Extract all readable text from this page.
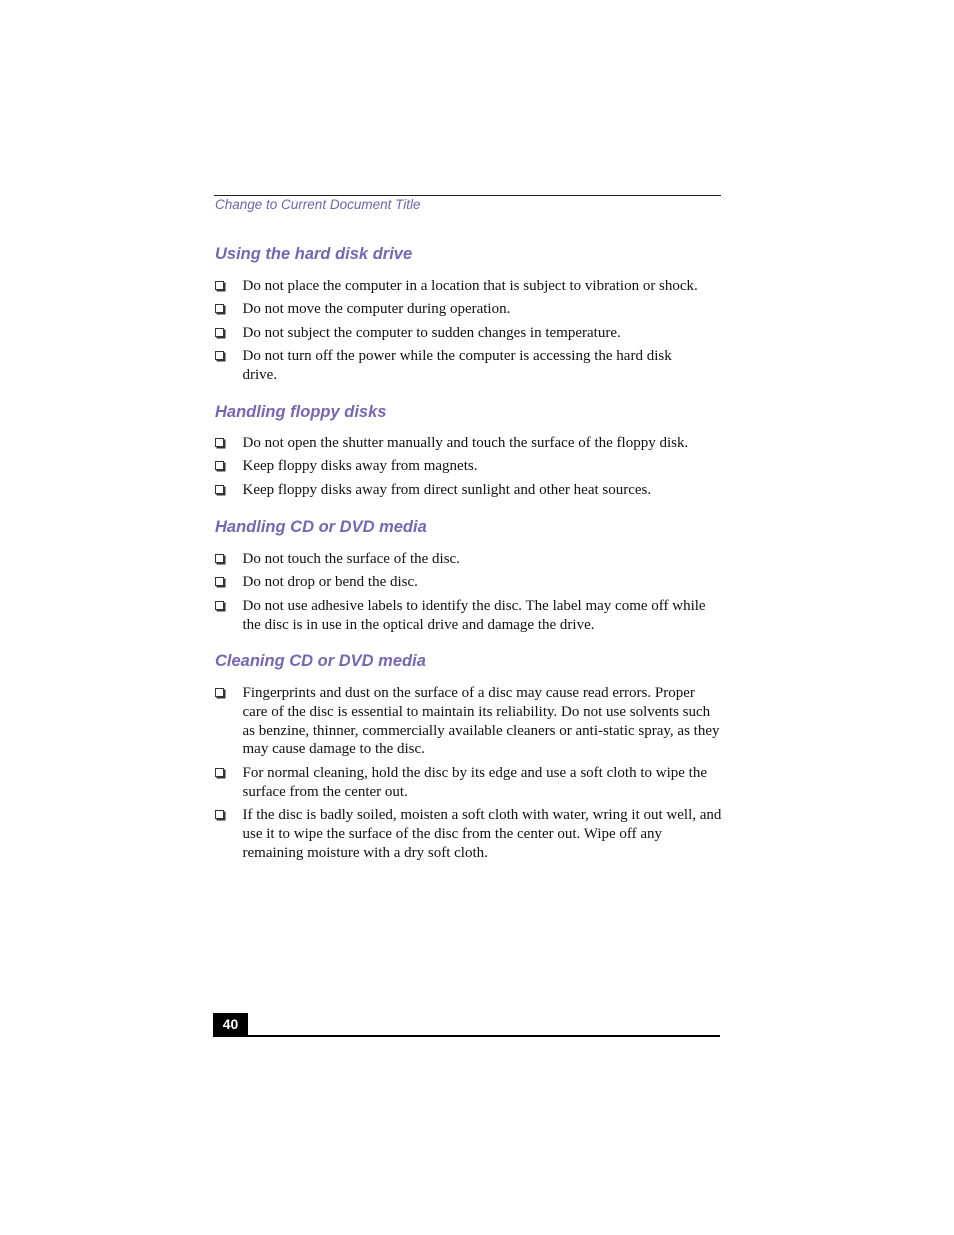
Change to Current Document Title
Using the hard disk drive
Do not place the computer in a location that is subject to vibration or shock.
Do not move the computer during operation.
Do not subject the computer to sudden changes in temperature.
Do not turn off the power while the computer is accessing the hard disk drive.
Handling floppy disks
Do not open the shutter manually and touch the surface of the floppy disk.
Keep floppy disks away from magnets.
Keep floppy disks away from direct sunlight and other heat sources.
Handling CD or DVD media
Do not touch the surface of the disc.
Do not drop or bend the disc.
Do not use adhesive labels to identify the disc. The label may come off while the disc is in use in the optical drive and damage the drive.
Cleaning CD or DVD media
Fingerprints and dust on the surface of a disc may cause read errors. Proper care of the disc is essential to maintain its reliability. Do not use solvents such as benzine, thinner, commercially available cleaners or anti-static spray, as they may cause damage to the disc.
For normal cleaning, hold the disc by its edge and use a soft cloth to wipe the surface from the center out.
If the disc is badly soiled, moisten a soft cloth with water, wring it out well, and use it to wipe the surface of the disc from the center out. Wipe off any remaining moisture with a dry soft cloth.
40
